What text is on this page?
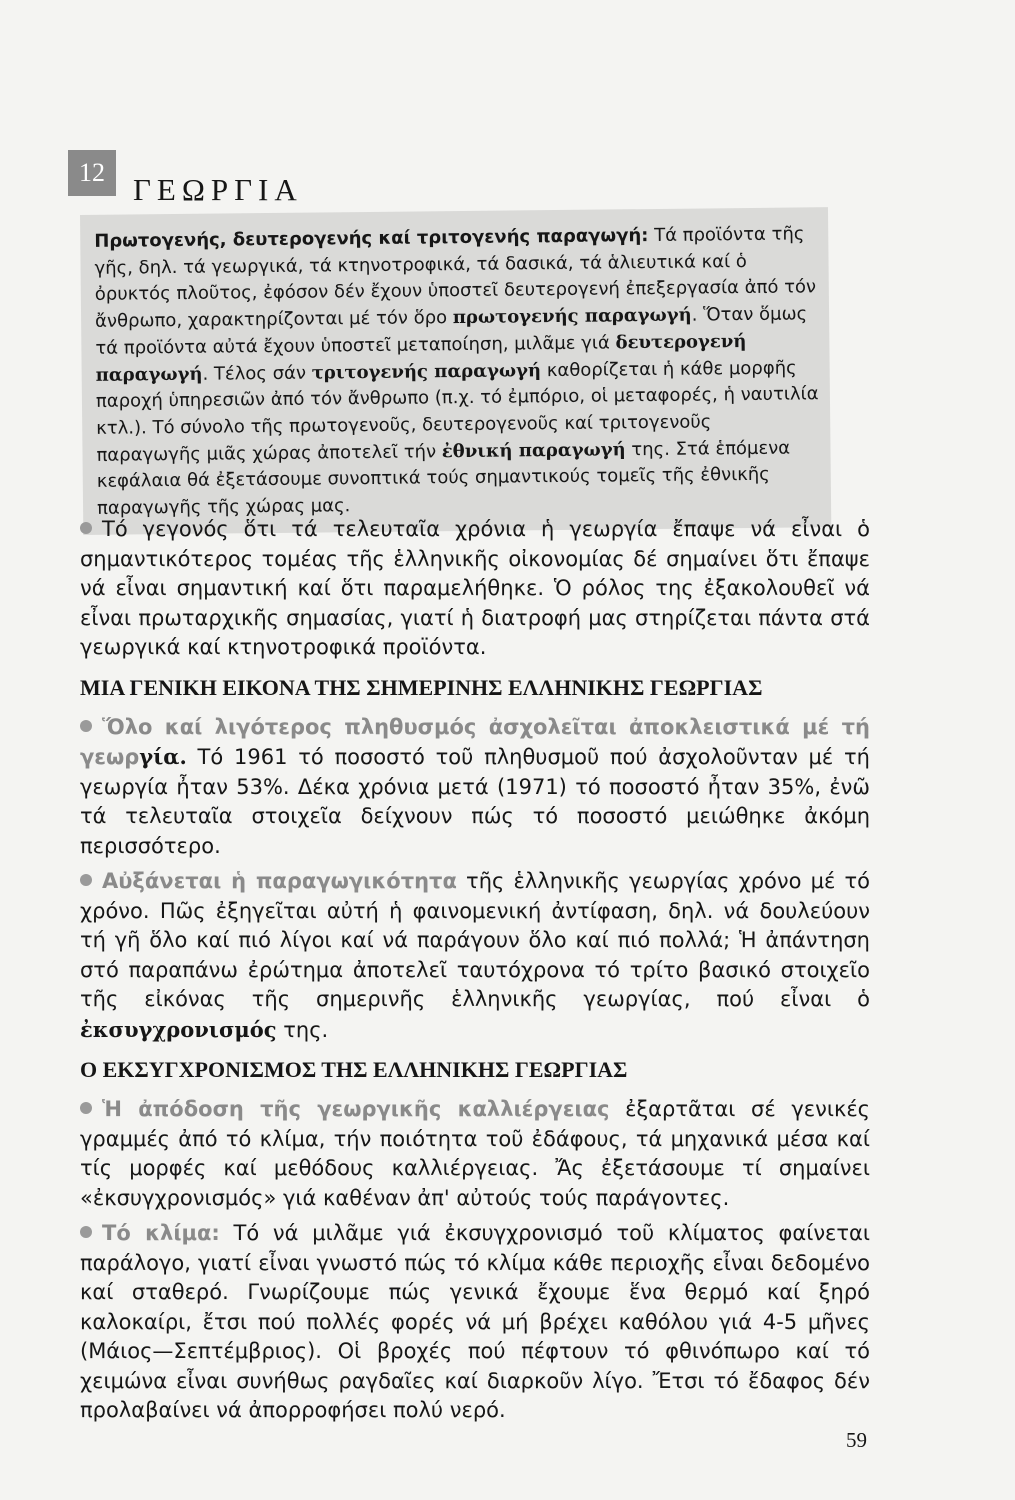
12 ΓΕΩΡΓΙΑ
Πρωτογενής, δευτερογενής καί τριτογενής παραγωγή: Τά προϊόντα τῆς γῆς, δηλ. τά γεωργικά, τά κτηνοτροφικά, τά δασικά, τά ἁλιευτικά καί ὁ ὀρυκτός πλοῦτος, ἐφόσον δέν ἔχουν ὑποστεῖ δευτερογενή ἐπεξεργασία ἀπό τόν ἄνθρωπο, χαρακτηρίζονται μέ τόν ὅρο πρωτογενής παραγωγή. Ὅταν ὅμως τά προϊόντα αὐτά ἔχουν ὑποστεῖ μεταποίηση, μιλᾶμε γιά δευτερογενή παραγωγή. Τέλος σάν τριτογενής παραγωγή καθορίζεται ἡ κάθε μορφῆς παροχή ὑπηρεσιῶν ἀπό τόν ἄνθρωπο (π.χ. τό ἐμπόριο, οἱ μεταφορές, ἡ ναυτιλία κτλ.). Τό σύνολο τῆς πρωτογενοῦς, δευτερογενοῦς καί τριτογενοῦς παραγωγῆς μιᾶς χώρας ἀποτελεῖ τήν ἐθνική παραγωγή της. Στά ἑπόμενα κεφάλαια θά ἐξετάσουμε συνοπτικά τούς σημαντικούς τομεῖς τῆς ἐθνικῆς παραγωγῆς τῆς χώρας μας.

Τό γεγονός ὅτι τά τελευταῖα χρόνια ἡ γεωργία ἔπαψε νά εἶναι ὁ σημαντικότερος τομέας τῆς ἑλληνικῆς οἰκονομίας δέ σημαίνει ὅτι ἔπαψε νά εἶναι σημαντική καί ὅτι παραμελήθηκε. Ὁ ρόλος της ἐξακολουθεῖ νά εἶναι πρωταρχικῆς σημασίας, γιατί ἡ διατροφή μας στηρίζεται πάντα στά γεωργικά καί κτηνοτροφικά προϊόντα.

ΜΙΑ ΓΕΝΙΚΗ ΕΙΚΟΝΑ ΤΗΣ ΣΗΜΕΡΙΝΗΣ ΕΛΛΗΝΙΚΗΣ ΓΕΩΡΓΙΑΣ

Ὅλο καί λιγότερος πληθυσμός ἀσχολεῖται ἀποκλειστικά μέ τή γεωργία. Τό 1961 τό ποσοστό τοῦ πληθυσμοῦ πού ἀσχολοῦνταν μέ τή γεωργία ἦταν 53%. Δέκα χρόνια μετά (1971) τό ποσοστό ἦταν 35%, ἐνῶ τά τελευταῖα στοιχεῖα δείχνουν πώς τό ποσοστό μειώθηκε ἀκόμη περισσότερο.

Αὐξάνεται ἡ παραγωγικότητα τῆς ἑλληνικῆς γεωργίας χρόνο μέ τό χρόνο. Πῶς ἐξηγεῖται αὐτή ἡ φαινομενική ἀντίφαση, δηλ. νά δουλεύουν τή γῆ ὅλο καί πιό λίγοι καί νά παράγουν ὅλο καί πιό πολλά; Ἡ ἀπάντηση στό παραπάνω ἐρώτημα ἀποτελεῖ ταυτόχρονα τό τρίτο βασικό στοιχεῖο τῆς εἰκόνας τῆς σημερινῆς ἑλληνικῆς γεωργίας, πού εἶναι ὁ ἐκσυγχρονισμός της.

Ο ΕΚΣΥΓΧΡΟΝΙΣΜΟΣ ΤΗΣ ΕΛΛΗΝΙΚΗΣ ΓΕΩΡΓΙΑΣ

Ἡ ἀπόδοση τῆς γεωργικῆς καλλιέργειας ἐξαρτᾶται σέ γενικές γραμμές ἀπό τό κλίμα, τήν ποιότητα τοῦ ἐδάφους, τά μηχανικά μέσα καί τίς μορφές καί μεθόδους καλλιέργειας. Ἄς ἐξετάσουμε τί σημαίνει «ἐκσυγχρονισμός» γιά καθέναν ἀπ' αὐτούς τούς παράγοντες.

Τό κλίμα: Τό νά μιλᾶμε γιά ἐκσυγχρονισμό τοῦ κλίματος φαίνεται παράλογο, γιατί εἶναι γνωστό πώς τό κλίμα κάθε περιοχῆς εἶναι δεδομένο καί σταθερό. Γνωρίζουμε πώς γενικά ἔχουμε ἕνα θερμό καί ξηρό καλοκαίρι, ἔτσι πού πολλές φορές νά μή βρέχει καθόλου γιά 4-5 μῆνες (Μάιος—Σεπτέμβριος). Οἱ βροχές πού πέφτουν τό φθινόπωρο καί τό χειμώνα εἶναι συνήθως ραγδαῖες καί διαρκοῦν λίγο. Ἔτσι τό ἔδαφος δέν προλαβαίνει νά ἀπορροφήσει πολύ νερό.

59
